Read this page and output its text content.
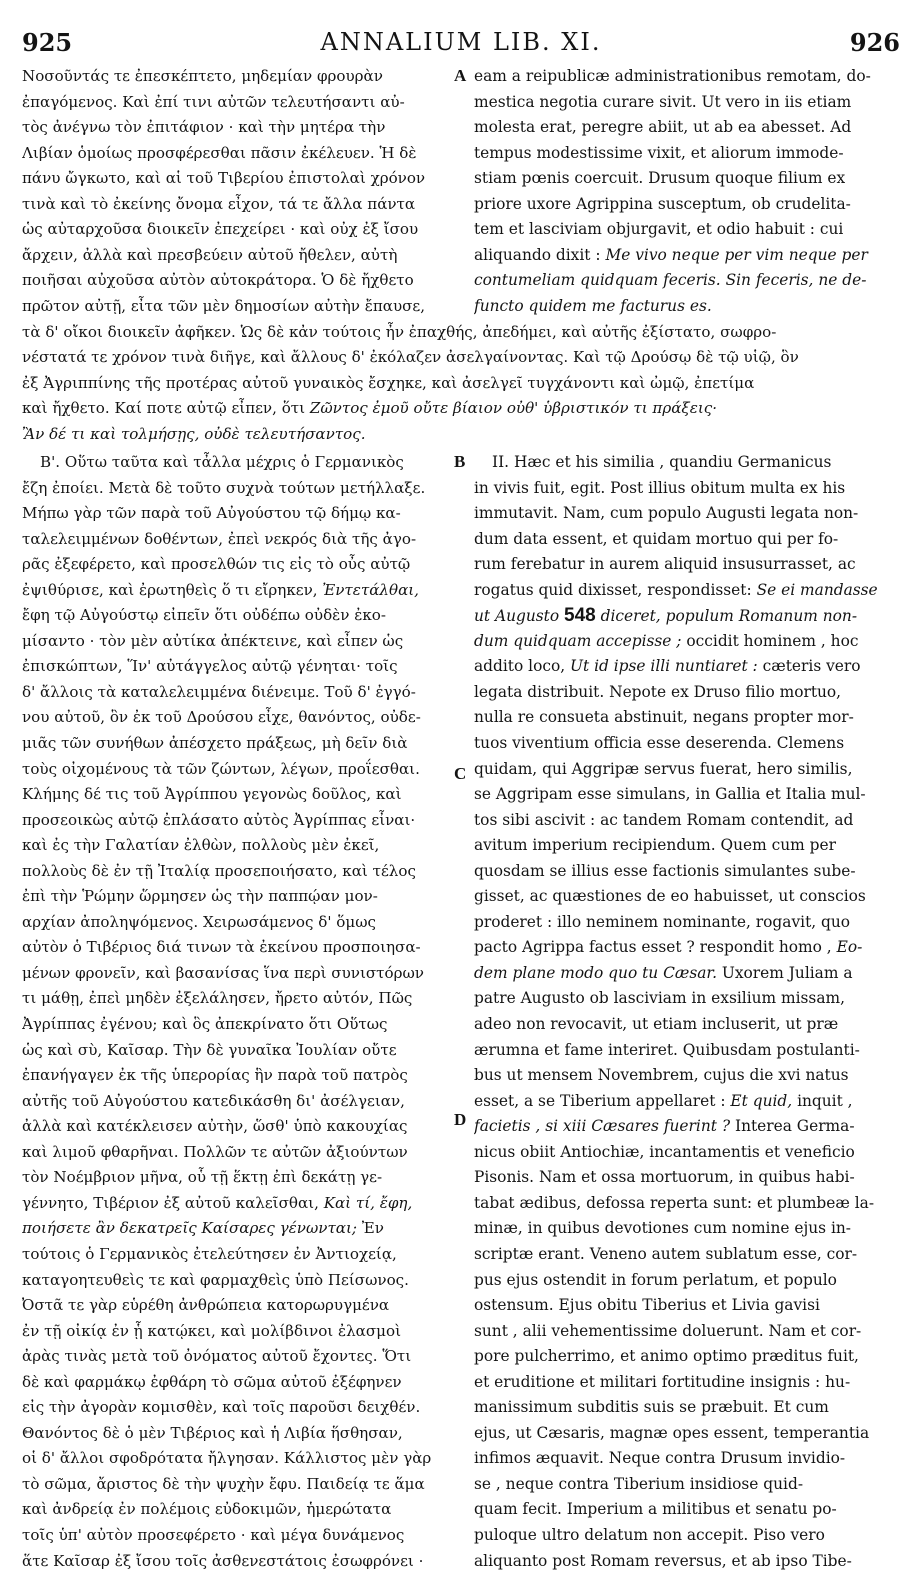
925	ANNALIUM LIB. XI.	926
Νοσοῦντάς τε ἐπεσκέπτετο, μηδεμίαν φρουρὰν
ἐπαγόμενος. Καὶ ἐπί τινι αὐτῶν τελευτήσαντι αὐ-
τὸς ἀνέγνω τὸν ἐπιτάφιον · καὶ τὴν μητέρα τὴν
Λιβίαν ὁμοίως προσφέρεσθαι πᾶσιν ἐκέλευεν. Ἡ δὲ
πάνυ ὤγκωτο, καὶ αἱ τοῦ Τιβερίου ἐπιστολαὶ χρόνον
τινὰ καὶ τὸ ἐκείνης ὄνομα εἶχον, τά τε ἄλλα πάντα
ὡς αὐταρχοῦσα διοικεῖν ἐπεχείρει · καὶ οὐχ ἐξ ἴσου
ἄρχειν, ἀλλὰ καὶ πρεσβεύειν αὐτοῦ ἤθελεν, αὐτὴ
ποιῆσαι αὐχοῦσα αὐτὸν αὐτοκράτορα. Ὁ δὲ ἤχθετο
πρῶτον αὐτῇ, εἶτα τῶν μὲν δημοσίων αὐτὴν ἔπαυσε,
A eam a reipublicæ administrationibus remotam, do-
mestica negotia curare sivit. Ut vero in iis etiam
molesta erat, peregre abiit, ut ab ea abesset. Ad
tempus modestissime vixit, et aliorum immode-
stiam pœnis coercuit. Drusum quoque filium ex
priore uxore Agrippina susceptum, ob crudelita-
tem et lasciviam objurgavit, et odio habuit : cui
aliquando dixit : Me vivo neque per vim neque per
contumeliam quidquam feceris. Sin feceris, ne de-
functo quidem me facturus es.
τὰ δ' οἴκοι διοικεῖν ἀφῆκεν. Ὡς δὲ κἀν τούτοις ἦν ἐπαχθής, ἀπεδήμει, καὶ αὐτῆς ἐξίστατο, σωφρο-
νέστατά τε χρόνον τινὰ διῆγε, καὶ ἄλλους δ' ἐκόλαζεν ἀσελγαίνοντας. Καὶ τῷ Δρούσῳ δὲ τῷ υἱῷ, ὃν
ἐξ Ἀγριππίνης τῆς προτέρας αὐτοῦ γυναικὸς ἔσχηκε, καὶ ἀσελγεῖ τυγχάνοντι καὶ ὠμῷ, ἐπετίμα
καὶ ἤχθετο. Καί ποτε αὐτῷ εἶπεν, ὅτι Ζῶντος ἐμοῦ οὔτε βίαιον οὐθ' ὑβριστικόν τι πράξεις·
Ἂν δέ τι καὶ τολμήσῃς, οὐδὲ τελευτήσαντος.
Β'. Οὕτω ταῦτα καὶ τἆλλα μέχρις ὁ Γερμανικὸς
ἔζη ἐποίει. Μετὰ δὲ τοῦτο συχνὰ τούτων μετήλλαξε.
Μήπω γὰρ τῶν παρὰ τοῦ Αὐγούστου τῷ δήμῳ κα-
ταλελειμμένων δοθέντων, ἐπεὶ νεκρός διὰ τῆς ἀγο-
ρᾶς ἐξεφέρετο, καὶ προσελθών τις εἰς τὸ οὖς αὐτῷ
ἐψιθύρισε, καὶ ἐρωτηθεὶς ὅ τι εἴρηκεν, Ἐντετάλθαι,
ἔφη τῷ Αὐγούστῳ εἰπεῖν ὅτι οὐδέπω οὐδὲν ἐκο-
μίσαντο · τὸν μὲν αὐτίκα ἀπέκτεινε, καὶ εἶπεν ὡς
ἐπισκώπτων, Ἵν' αὐτάγγελος αὐτῷ γένηται· τοῖς
δ' ἄλλοις τὰ καταλελειμμένα διένειμε. Τοῦ δ' ἐγγό-
νου αὐτοῦ, ὃν ἐκ τοῦ Δρούσου εἶχε, θανόντος, οὐδε-
μιᾶς τῶν συνήθων ἀπέσχετο πράξεως, μὴ δεῖν διὰ
τοὺς οἰχομένους τὰ τῶν ζώντων, λέγων, προΐεσθαι.
Κλήμης δέ τις τοῦ Ἀγρίππου γεγονὼς δοῦλος, καὶ
προσεοικὼς αὐτῷ ἐπλάσατο αὐτὸς Ἀγρίππας εἶναι·
καὶ ἐς τὴν Γαλατίαν ἐλθὼν, πολλοὺς μὲν ἐκεῖ,
πολλοὺς δὲ ἐν τῇ Ἰταλίᾳ προσεποιήσατο, καὶ τέλος
ἐπὶ τὴν Ῥώμην ὥρμησεν ὡς τὴν παππῴαν μον-
αρχίαν ἀποληψόμενος. Χειρωσάμενος δ' ὅμως
αὐτὸν ὁ Τιβέριος διά τινων τὰ ἐκείνου προσποιησα-
μένων φρονεῖν, καὶ βασανίσας ἵνα περὶ συνιστόρων
τι μάθῃ, ἐπεὶ μηδὲν ἐξελάλησεν, ἤρετο αὐτόν, Πῶς
Ἀγρίππας ἐγένου; καὶ ὃς ἀπεκρίνατο ὅτι Οὕτως
ὡς καὶ σὺ, Καῖσαρ. Τὴν δὲ γυναῖκα Ἰουλίαν οὔτε
ἐπανήγαγεν ἐκ τῆς ὑπερορίας ἣν παρὰ τοῦ πατρὸς
αὐτῆς τοῦ Αὐγούστου κατεδικάσθη δι' ἀσέλγειαν,
ἀλλὰ καὶ κατέκλεισεν αὐτὴν, ὥσθ' ὑπὸ κακουχίας
καὶ λιμοῦ φθαρῆναι. Πολλῶν τε αὐτῶν ἀξιούντων
τὸν Νοέμβριον μῆνα, οὗ τῇ ἕκτῃ ἐπὶ δεκάτῃ γε-
γέννητο, Τιβέριον ἐξ αὐτοῦ καλεῖσθαι, Καὶ τί, ἔφη,
ποιήσετε ἂν δεκατρεῖς Καίσαρες γένωνται; Ἐν
τούτοις ὁ Γερμανικὸς ἐτελεύτησεν ἐν Ἀντιοχείᾳ,
καταγοητευθεὶς τε καὶ φαρμαχθεὶς ὑπὸ Πείσωνος.
Ὀστᾶ τε γὰρ εὑρέθη ἀνθρώπεια κατορωρυγμένα
ἐν τῇ οἰκίᾳ ἐν ᾗ κατῴκει, καὶ μολίβδινοι ἐλασμοὶ
ἀρὰς τινὰς μετὰ τοῦ ὀνόματος αὐτοῦ ἔχοντες. Ὅτι
δὲ καὶ φαρμάκῳ ἐφθάρη τὸ σῶμα αὐτοῦ ἐξέφηνεν
εἰς τὴν ἀγορὰν κομισθὲν, καὶ τοῖς παροῦσι δειχθέν.
Θανόντος δὲ ὁ μὲν Τιβέριος καὶ ἡ Λιβία ἥσθησαν,
οἱ δ' ἄλλοι σφοδρότατα ἤλγησαν. Κάλλιστος μὲν γὰρ
τὸ σῶμα, ἄριστος δὲ τὴν ψυχὴν ἔφυ. Παιδείᾳ τε ἅμα
καὶ ἀνδρείᾳ ἐν πολέμοις εὐδοκιμῶν, ἡμερώτατα
τοῖς ὑπ' αὐτὸν προσεφέρετο · καὶ μέγα δυνάμενος
ἅτε Καῖσαρ ἐξ ἴσου τοῖς ἀσθενεστάτοις ἐσωφρόνει ·
B
C
D
II. Hæc et his similia , quandiu Germanicus
in vivis fuit, egit. Post illius obitum multa ex his
immutavit. Nam, cum populo Augusti legata non-
dum data essent, et quidam mortuo qui per fo-
rum ferebatur in aurem aliquid insusurrasset, ac
rogatus quid dixisset, respondisset: Se ei mandasse
ut Augusto 548 diceret, populum Romanum non-
dum quidquam accepisse ; occidit hominem , hoc
addito loco, Ut id ipse illi nuntiaret : cæteris vero
legata distribuit. Nepote ex Druso filio mortuo,
nulla re consueta abstinuit, negans propter mor-
tuos viventium officia esse deserenda. Clemens
quidam, qui Aggripæ servus fuerat, hero similis,
se Aggripam esse simulans, in Gallia et Italia mul-
tos sibi ascivit : ac tandem Romam contendit, ad
avitum imperium recipiendum. Quem cum per
quosdam se illius esse factionis simulantes sube-
gisset, ac quæstiones de eo habuisset, ut conscios
proderet : illo neminem nominante, rogavit, quo
pacto Agrippa factus esset ? respondit homo , Eo-
dem plane modo quo tu Cæsar. Uxorem Juliam a
patre Augusto ob lasciviam in exsilium missam,
adeo non revocavit, ut etiam incluserit, ut præ
ærumna et fame interiret. Quibusdam postulanti-
bus ut mensem Novembrem, cujus die xvi natus
esset, a se Tiberium appellaret : Et quid, inquit ,
facietis , si xiii Cæsares fuerint ? Interea Germa-
nicus obiit Antiochiæ, incantamentis et veneficio
Pisonis. Nam et ossa mortuorum, in quibus habi-
tabat ædibus, defossa reperta sunt: et plumbeæ la-
minæ, in quibus devotiones cum nomine ejus in-
scriptæ erant. Veneno autem sublatum esse, cor-
pus ejus ostendit in forum perlatum, et populo
ostensum. Ejus obitu Tiberius et Livia gavisi
sunt , alii vehementissime doluerunt. Nam et cor-
pore pulcherrimo, et animo optimo præditus fuit,
et eruditione et militari fortitudine insignis : hu-
manissimum subditis suis se præbuit. Et cum
ejus, ut Cæsaris, magnæ opes essent, temperantia
infimos æquavit. Neque contra Drusum invidio-
se , neque contra Tiberium insidiose quid-
quam fecit. Imperium a militibus et senatu po-
puloque ultro delatum non accepit. Piso vero
aliquanto post Romam reversus, et ab ipso Tibe-
